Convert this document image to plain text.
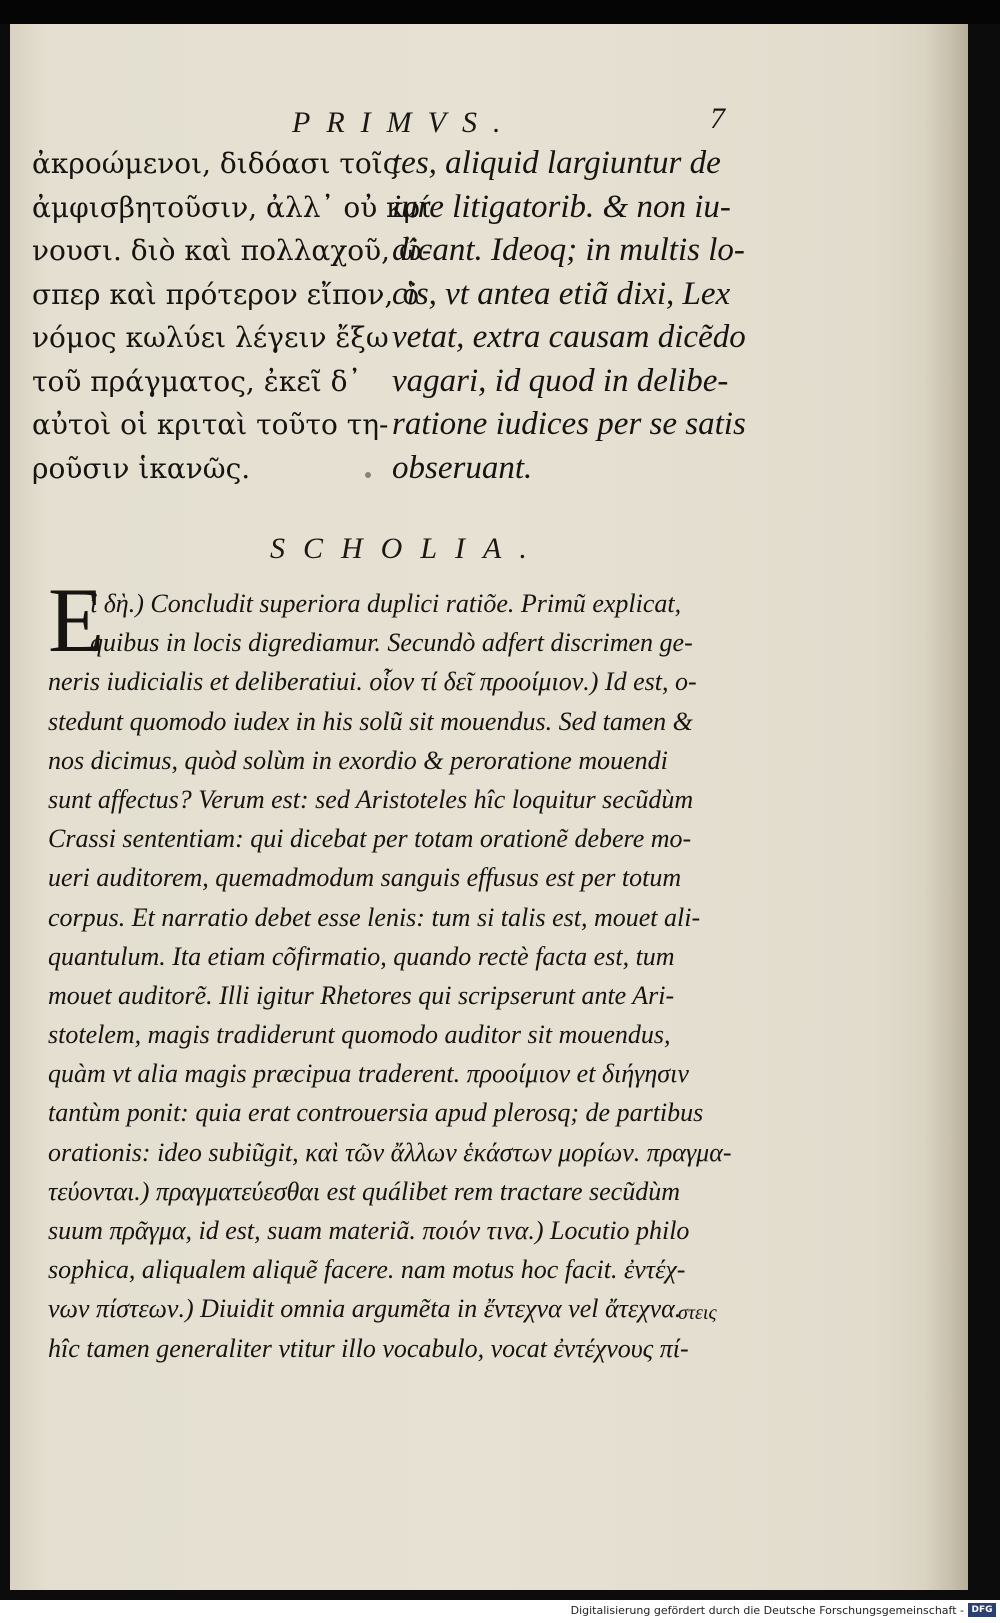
PRIMVS.	7
ἀκροώμενοι, διδόασι τοῖς
ἀμφισβητοῦσιν, ἀλλ᾽ οὐ κρί
νουσι. διὸ καὶ πολλαχοῦ, ὥ-
σπερ καὶ πρότερον εἴπον, ὁ
νόμος κωλύει λέγειν ἔξω
τοῦ πράγματος, ἐκεῖ δ᾽
αὐτοὶ οἱ κριταὶ τοῦτο τη-
ροῦσιν ἱκανῶς.
tes, aliquid largiuntur de
iure litigatorib. & non iu-
dicant. Ideoq; in multis lo-
cis, vt antea etiã dixi, Lex
vetat, extra causam dicẽdo
vagari, id quod in delibe-
ratione iudices per se satis
obseruant.
SCHOLIA.
E
ἰ δὴ.) Concludit superiora duplici ratiõe. Primũ explicat,
quibus in locis digrediamur. Secundò adfert discrimen ge-
neris iudicialis et deliberatiui. οἷον τί δεῖ προοίμιον.) Id est, o-
stedunt quomodo iudex in his solũ sit mouendus. Sed tamen &
nos dicimus, quòd solùm in exordio & peroratione mouendi
sunt affectus? Verum est: sed Aristoteles hîc loquitur secũdùm
Crassi sententiam: qui dicebat per totam orationẽ debere mo-
ueri auditorem, quemadmodum sanguis effusus est per totum
corpus. Et narratio debet esse lenis: tum si talis est, mouet ali-
quantulum. Ita etiam cõfirmatio, quando rectè facta est, tum
mouet auditorẽ. Illi igitur Rhetores qui scripserunt ante Ari-
stotelem, magis tradiderunt quomodo auditor sit mouendus,
quàm vt alia magis præcipua traderent. προοίμιον et διήγησιν
tantùm ponit: quia erat controuersia apud plerosq; de partibus
orationis: ideo subiũgit, καὶ τῶν ἄλλων ἑκάστων μορίων. πραγμα-
τεύονται.) πραγματεύεσθαι est quálibet rem tractare secũdùm
suum πρᾶγμα, id est, suam materiã. ποιόν τινα.) Locutio philo
sophica, aliqualem aliquẽ facere. nam motus hoc facit. ἐντέχ-
νων πίστεων.) Diuidit omnia argumẽta in ἔντεχνα vel ἄτεχνα.
hîc tamen generaliter vtitur illo vocabulo, vocat ἐντέχνους πί-
στεις
Digitalisierung gefördert durch die Deutsche Forschungsgemeinschaft - DFG
